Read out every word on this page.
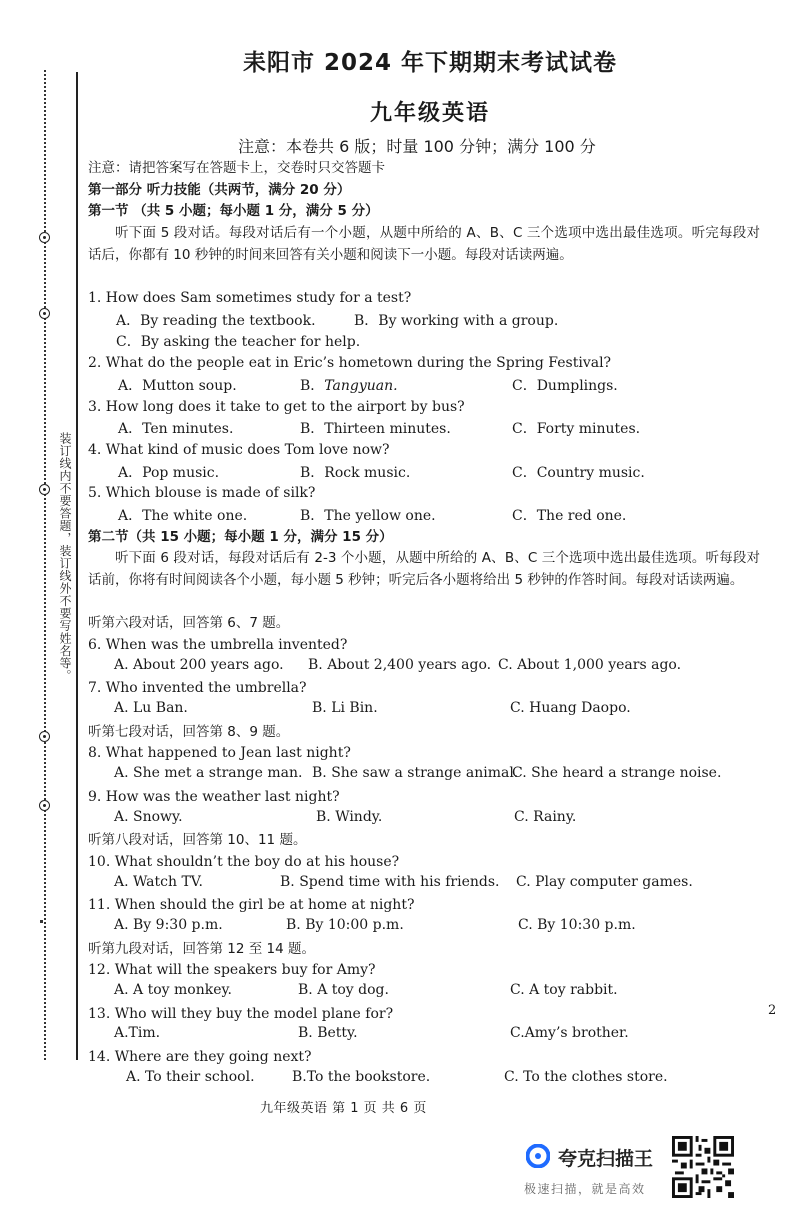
装订线内不要答题，装订线外不要写姓名等。
耒阳市 2024 年下期期末考试试卷
九年级英语
注意：本卷共 6 版；时量 100 分钟；满分 100 分
注意：请把答案写在答题卡上，交卷时只交答题卡
第一部分 听力技能（共两节，满分 20 分）
第一节 （共 5 小题；每小题 1 分，满分 5 分）
听下面 5 段对话。每段对话后有一个小题，从题中所给的 A、B、C 三个选项中选出最佳选项。听完每段对话后，你都有 10 秒钟的时间来回答有关小题和阅读下一小题。每段对话读两遍。
1. How does Sam sometimes study for a test?
A．By reading the textbook.	B．By working with a group.
C．By asking the teacher for help.
2. What do the people eat in Eric’s hometown during the Spring Festival?
A．Mutton soup.	B．Tangyuan.	C．Dumplings.
3. How long does it take to get to the airport by bus?
A．Ten minutes.	B．Thirteen minutes.	C．Forty minutes.
4. What kind of music does Tom love now?
A．Pop music.	B．Rock music.	C．Country music.
5. Which blouse is made of silk?
A．The white one.	B．The yellow one.	C．The red one.
第二节（共 15 小题；每小题 1 分，满分 15 分）
听下面 6 段对话，每段对话后有 2-3 个小题，从题中所给的 A、B、C 三个选项中选出最佳选项。听每段对话前，你将有时间阅读各个小题，每小题 5 秒钟；听完后各小题将给出 5 秒钟的作答时间。每段对话读两遍。
听第六段对话，回答第 6、7 题。
6. When was the umbrella invented?
A. About 200 years ago. B. About 2,400 years ago. C. About 1,000 years ago.
7. Who invented the umbrella?
A. Lu Ban.	B. Li Bin.	C. Huang Daopo.
听第七段对话，回答第 8、9 题。
8. What happened to Jean last night?
A. She met a strange man. B. She saw a strange animal.
C. She heard a strange noise.
9. How was the weather last night?
A. Snowy.	B. Windy.	C. Rainy.
听第八段对话，回答第 10、11 题。
10. What shouldn’t the boy do at his house?
A. Watch TV.	B. Spend time with his friends. C. Play computer games.
11. When should the girl be at home at night?
A. By 9:30 p.m.	B. By 10:00 p.m.	C. By 10:30 p.m.
听第九段对话，回答第 12 至 14 题。
12. What will the speakers buy for Amy?
A. A toy monkey.	B. A toy dog.	C. A toy rabbit.
13. Who will they buy the model plane for?
A.Tim.	B. Betty.	C.Amy’s brother.
14. Where are they going next?
A. To their school.	B.To the bookstore.	C. To the clothes store.
九年级英语 第 1 页 共 6 页
2
夸克扫描王
极速扫描，就是高效
